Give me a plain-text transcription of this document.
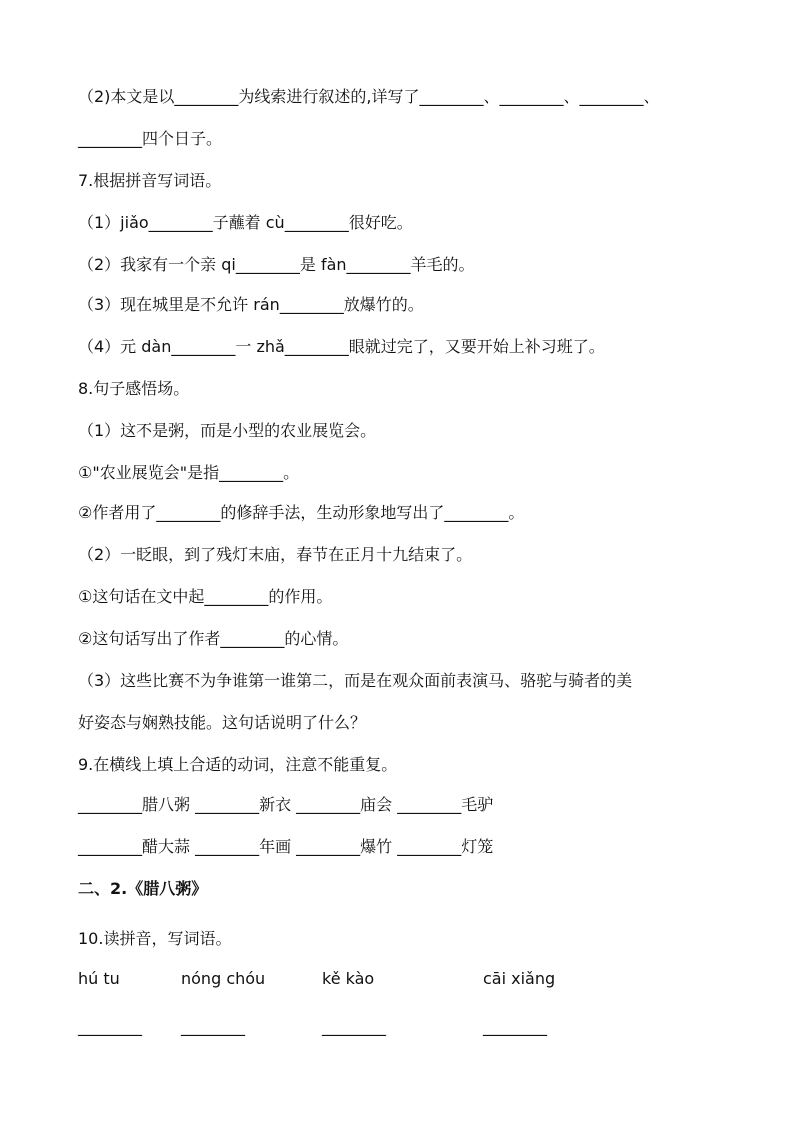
（2)本文是以________为线索进行叙述的,详写了________、________、________、
________四个日子。
7.根据拼音写词语。
（1）jiǎo________子蘸着 cù________很好吃。
（2）我家有一个亲 qi________是 fàn________羊毛的。
（3）现在城里是不允许 rán________放爆竹的。
（4）元 dàn________一 zhǎ________眼就过完了，又要开始上补习班了。
8.句子感悟场。
（1）这不是粥，而是小型的农业展览会。
①"农业展览会"是指________。
②作者用了________的修辞手法，生动形象地写出了________。
（2）一眨眼，到了残灯末庙，春节在正月十九结束了。
①这句话在文中起________的作用。
②这句话写出了作者________的心情。
（3）这些比赛不为争谁第一谁第二，而是在观众面前表演马、骆驼与骑者的美
好姿态与娴熟技能。这句话说明了什么？
9.在横线上填上合适的动词，注意不能重复。
________腊八粥 ________新衣 ________庙会 ________毛驴
________醋大蒜 ________年画 ________爆竹 ________灯笼
二、2.《腊八粥》
10.读拼音，写词语。
hú tu	nóng chóu	kě kào	cāi xiǎng
________ ________	________	________
